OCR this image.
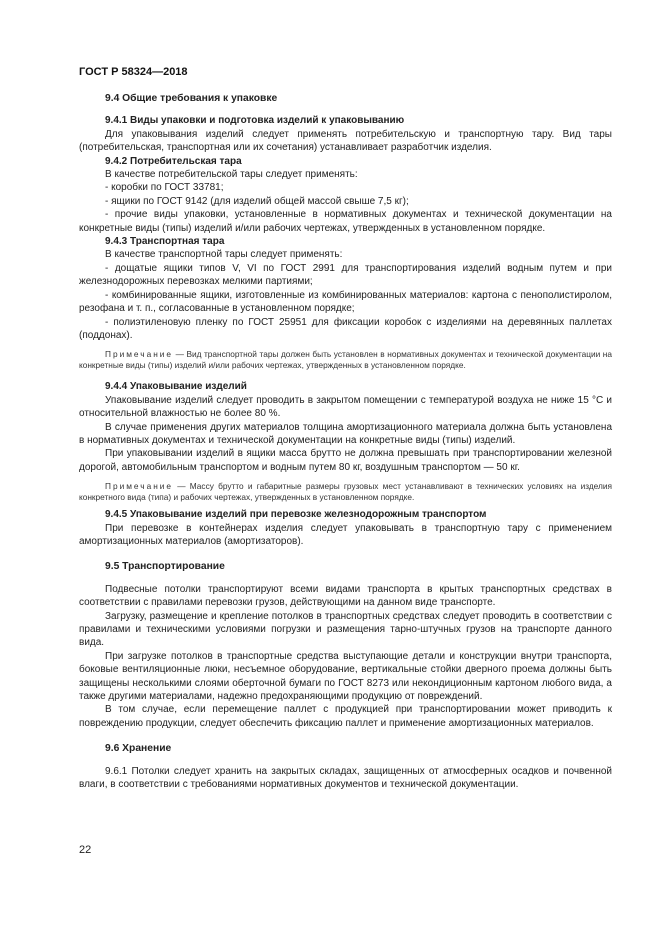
ГОСТ Р 58324—2018

9.4 Общие требования к упаковке

9.4.1 Виды упаковки и подготовка изделий к упаковыванию

Для упаковывания изделий следует применять потребительскую и транспортную тару. Вид тары (потребительская, транспортная или их сочетания) устанавливает разработчик изделия.

9.4.2 Потребительская тара

В качестве потребительской тары следует применять:

- коробки по ГОСТ 33781;

- ящики по ГОСТ 9142 (для изделий общей массой свыше 7,5 кг);

- прочие виды упаковки, установленные в нормативных документах и технической документации на конкретные виды (типы) изделий и/или рабочих чертежах, утвержденных в установленном порядке.

9.4.3 Транспортная тара

В качестве транспортной тары следует применять:

- дощатые ящики типов V, VI по ГОСТ 2991 для транспортирования изделий водным путем и при железнодорожных перевозках мелкими партиями;

- комбинированные ящики, изготовленные из комбинированных материалов: картона с пенополистиролом, резофана и т. п., согласованные в установленном порядке;

- полиэтиленовую пленку по ГОСТ 25951 для фиксации коробок с изделиями на деревянных паллетах (поддонах).

Примечание — Вид транспортной тары должен быть установлен в нормативных документах и технической документации на конкретные виды (типы) изделий и/или рабочих чертежах, утвержденных в установленном порядке.

9.4.4 Упаковывание изделий

Упаковывание изделий следует проводить в закрытом помещении с температурой воздуха не ниже 15 °С и относительной влажностью не более 80 %.

В случае применения других материалов толщина амортизационного материала должна быть установлена в нормативных документах и технической документации на конкретные виды (типы) изделий.

При упаковывании изделий в ящики масса брутто не должна превышать при транспортировании железной дорогой, автомобильным транспортом и водным путем 80 кг, воздушным транспортом — 50 кг.

Примечание — Массу брутто и габаритные размеры грузовых мест устанавливают в технических условиях на изделия конкретного вида (типа) и рабочих чертежах, утвержденных в установленном порядке.

9.4.5 Упаковывание изделий при перевозке железнодорожным транспортом

При перевозке в контейнерах изделия следует упаковывать в транспортную тару с применением амортизационных материалов (амортизаторов).

9.5 Транспортирование

Подвесные потолки транспортируют всеми видами транспорта в крытых транспортных средствах в соответствии с правилами перевозки грузов, действующими на данном виде транспорте.

Загрузку, размещение и крепление потолков в транспортных средствах следует проводить в соответствии с правилами и техническими условиями погрузки и размещения тарно-штучных грузов на транспорте данного вида.

При загрузке потолков в транспортные средства выступающие детали и конструкции внутри транспорта, боковые вентиляционные люки, несъемное оборудование, вертикальные стойки дверного проема должны быть защищены несколькими слоями оберточной бумаги по ГОСТ 8273 или некондиционным картоном любого вида, а также другими материалами, надежно предохраняющими продукцию от повреждений.

В том случае, если перемещение паллет с продукцией при транспортировании может приводить к повреждению продукции, следует обеспечить фиксацию паллет и применение амортизационных материалов.

9.6 Хранение

9.6.1 Потолки следует хранить на закрытых складах, защищенных от атмосферных осадков и почвенной влаги, в соответствии с требованиями нормативных документов и технической документации.

22
